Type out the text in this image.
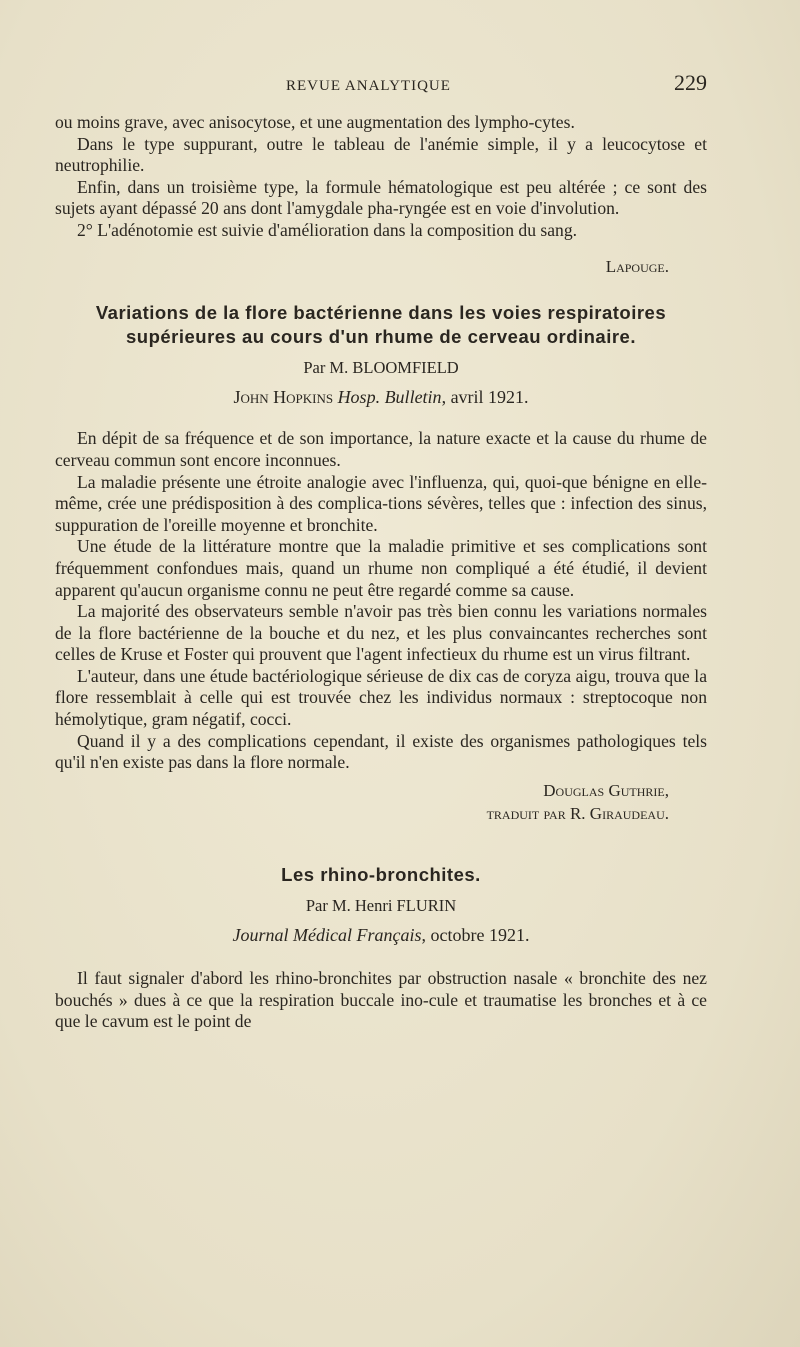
REVUE ANALYTIQUE	229

ou moins grave, avec anisocytose, et une augmentation des lympho-cytes.

Dans le type suppurant, outre le tableau de l'anémie simple, il y a leucocytose et neutrophilie.

Enfin, dans un troisième type, la formule hématologique est peu altérée ; ce sont des sujets ayant dépassé 20 ans dont l'amygdale pha-ryngée est en voie d'involution.

2° L'adénotomie est suivie d'amélioration dans la composition du sang.

Lapouge.

Variations de la flore bactérienne dans les voies respiratoires

supérieures au cours d'un rhume de cerveau ordinaire.

Par M. BLOOMFIELD

John Hopkins Hosp. Bulletin, avril 1921.

En dépit de sa fréquence et de son importance, la nature exacte et la cause du rhume de cerveau commun sont encore inconnues.

La maladie présente une étroite analogie avec l'influenza, qui, quoi-que bénigne en elle-même, crée une prédisposition à des complica-tions sévères, telles que : infection des sinus, suppuration de l'oreille moyenne et bronchite.

Une étude de la littérature montre que la maladie primitive et ses complications sont fréquemment confondues mais, quand un rhume non compliqué a été étudié, il devient apparent qu'aucun organisme connu ne peut être regardé comme sa cause.

La majorité des observateurs semble n'avoir pas très bien connu les variations normales de la flore bactérienne de la bouche et du nez, et les plus convaincantes recherches sont celles de Kruse et Foster qui prouvent que l'agent infectieux du rhume est un virus filtrant.

L'auteur, dans une étude bactériologique sérieuse de dix cas de coryza aigu, trouva que la flore ressemblait à celle qui est trouvée chez les individus normaux : streptocoque non hémolytique, gram négatif, cocci.

Quand il y a des complications cependant, il existe des organismes pathologiques tels qu'il n'en existe pas dans la flore normale.

Douglas Guthrie,

traduit par R. Giraudeau.

Les rhino-bronchites.

Par M. Henri FLURIN

Journal Médical Français, octobre 1921.

Il faut signaler d'abord les rhino-bronchites par obstruction nasale « bronchite des nez bouchés » dues à ce que la respiration buccale ino-cule et traumatise les bronches et à ce que le cavum est le point de
